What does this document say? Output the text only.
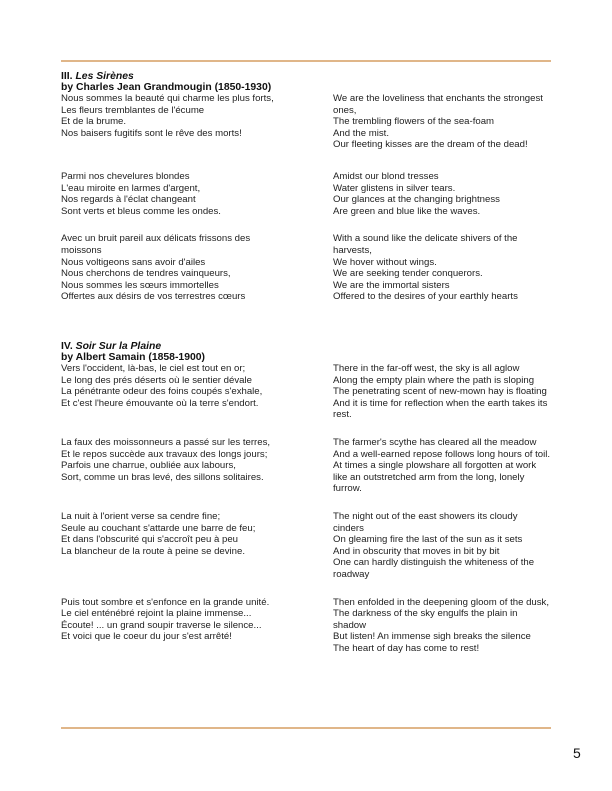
III. Les Sirènes

by Charles Jean Grandmougin (1850-1930)

Nous sommes la beauté qui charme les plus forts,
Les fleurs tremblantes de l'écume
Et de la brume.
Nos baisers fugitifs sont le rêve des morts!
We are the loveliness that enchants the strongest ones,
The trembling flowers of the sea-foam
And the mist.
Our fleeting kisses are the dream of the dead!
Parmi nos chevelures blondes
L'eau miroite en larmes d'argent,
Nos regards à l'éclat changeant
Sont verts et bleus comme les ondes.
Amidst our blond tresses
Water glistens in silver tears.
Our glances at the changing brightness
Are green and blue like the waves.
Avec un bruit pareil aux délicats frissons des moissons
Nous voltigeons sans avoir d'ailes
Nous cherchons de tendres vainqueurs,
Nous sommes les sœurs immortelles
Offertes aux désirs de vos terrestres cœurs
With a sound like the delicate shivers of the harvests,
We hover without wings.
We are seeking tender conquerors.
We are the immortal sisters
Offered to the desires of your earthly hearts

IV. Soir Sur la Plaine

by Albert Samain (1858-1900)

Vers l'occident, là-bas, le ciel est tout en or;
Le long des prés déserts où le sentier dévale
La pénétrante odeur des foins coupés s'exhale,
Et c'est l'heure émouvante où la terre s'endort.
There in the far-off west, the sky is all aglow
Along the empty plain where the path is sloping
The penetrating scent of new-mown hay is floating
And it is time for reflection when the earth takes its rest.
La faux des moissonneurs a passé sur les terres,
Et le repos succède aux travaux des longs jours;
Parfois une charrue, oubliée aux labours,
Sort, comme un bras levé, des sillons solitaires.
The farmer's scythe has cleared all the meadow
And a well-earned repose follows long hours of toil.
At times a single plowshare all forgotten at work
like an outstretched arm from the long, lonely furrow.
La nuit à l'orient verse sa cendre fine;
Seule au couchant s'attarde une barre de feu;
Et dans l'obscurité qui s'accroît peu à peu
La blancheur de la route à peine se devine.
The night out of the east showers its cloudy cinders
On gleaming fire the last of the sun as it sets
And in obscurity that moves in bit by bit
One can hardly distinguish the whiteness of the roadway
Puis tout sombre et s'enfonce en la grande unité.
Le ciel enténébré rejoint la plaine immense...
Écoute! ... un grand soupir traverse le silence...
Et voici que le coeur du jour s'est arrêté!
Then enfolded in the deepening gloom of the dusk,
The darkness of the sky engulfs the plain in shadow
But listen! An immense sigh breaks the silence
The heart of day has come to rest!
5
